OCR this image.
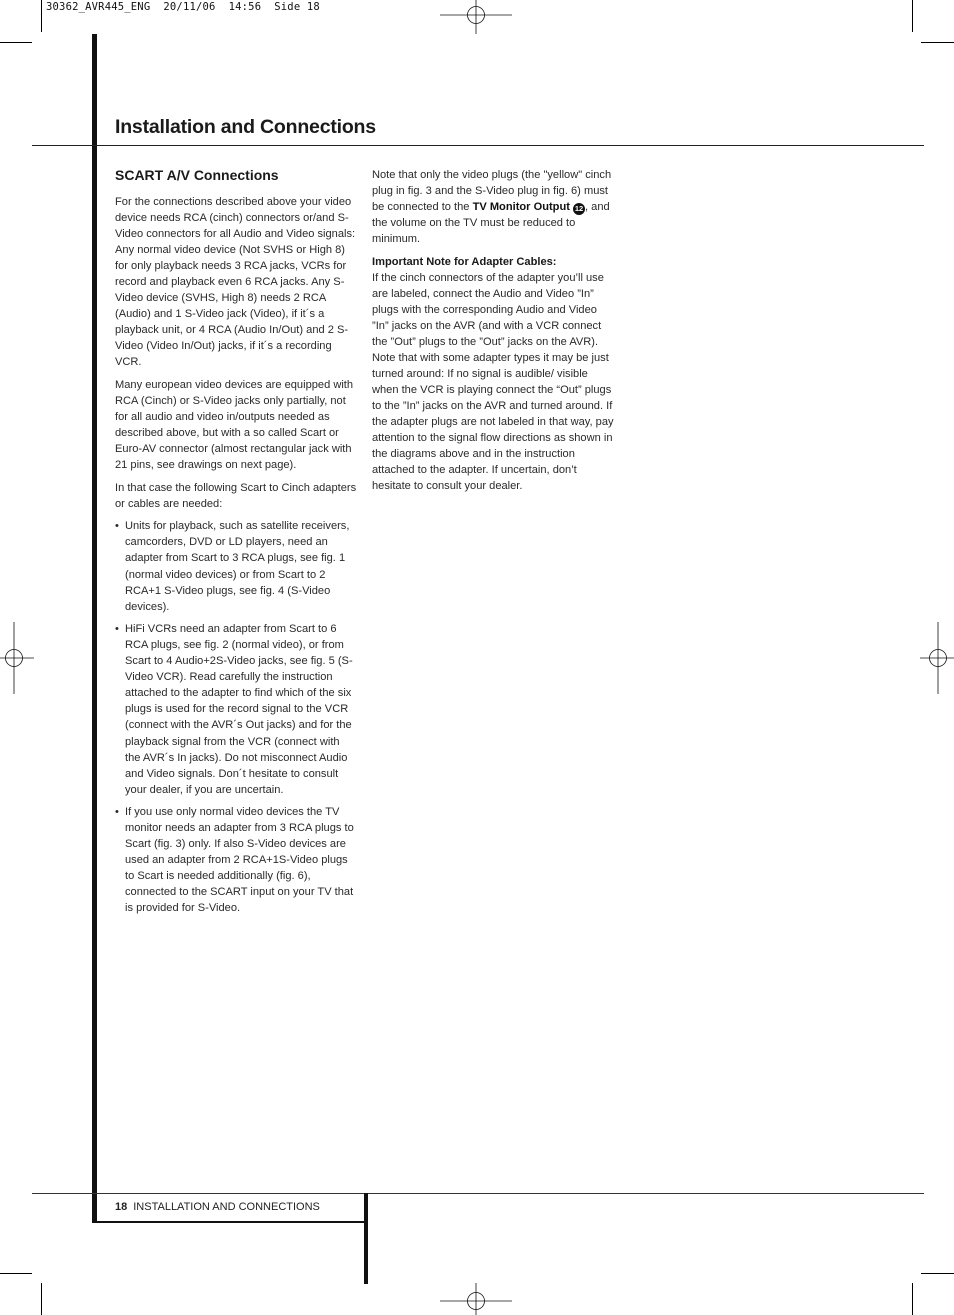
30362_AVR445_ENG  20/11/06  14:56  Side 18
Installation and Connections
SCART A/V Connections

For the connections described above your video device needs RCA (cinch) connectors or/and S-Video connectors for all Audio and Video signals: Any normal video device (Not SVHS or High 8) for only playback needs 3 RCA jacks, VCRs for record and playback even 6 RCA jacks. Any S-Video device (SVHS, High 8) needs 2 RCA (Audio) and 1 S-Video jack (Video), if it´s a playback unit, or 4 RCA (Audio In/Out) and 2 S-Video (Video In/Out) jacks, if it´s a recording VCR.

Many european video devices are equipped with RCA (Cinch) or S-Video jacks only partially, not for all audio and video in/outputs needed as described above, but with a so called Scart or Euro-AV connector (almost rectangular jack with 21 pins, see drawings on next page).

In that case the following Scart to Cinch adapters or cables are needed:

• Units for playback, such as satellite receivers, camcorders, DVD or LD players, need an adapter from Scart to 3 RCA plugs, see fig. 1 (normal video devices) or from Scart to 2 RCA+1 S-Video plugs, see fig. 4 (S-Video devices).
• HiFi VCRs need an adapter from Scart to 6 RCA plugs, see fig. 2 (normal video), or from Scart to 4 Audio+2S-Video jacks, see fig. 5 (S-Video VCR). Read carefully the instruction attached to the adapter to find which of the six plugs is used for the record signal to the VCR (connect with the AVR´s Out jacks) and for the playback signal from the VCR (connect with the AVR´s In jacks). Do not misconnect Audio and Video signals. Don´t hesitate to consult your dealer, if you are uncertain.
• If you use only normal video devices the TV monitor needs an adapter from 3 RCA plugs to Scart (fig. 3) only. If also S-Video devices are used an adapter from 2 RCA+1S-Video plugs to Scart is needed additionally (fig. 6), connected to the SCART input on your TV that is provided for S-Video.

Note that only the video plugs (the "yellow" cinch plug in fig. 3 and the S-Video plug in fig. 6) must be connected to the TV Monitor Output 12 , and the volume on the TV must be reduced to minimum.

Important Note for Adapter Cables:

If the cinch connectors of the adapter you’ll use are labeled, connect the Audio and Video ”In” plugs with the corresponding Audio and Video ”In” jacks on the AVR (and with a VCR connect the ”Out” plugs to the ”Out” jacks on the AVR). Note that with some adapter types it may be just turned around: If no signal is audible/ visible when the VCR is playing connect the “Out” plugs to the ”In” jacks on the AVR and turned around. If the adapter plugs are not labeled in that way, pay attention to the signal flow directions as shown in the diagrams above and in the instruction attached to the adapter. If uncertain, don’t hesitate to consult your dealer.

18 INSTALLATION AND CONNECTIONS
